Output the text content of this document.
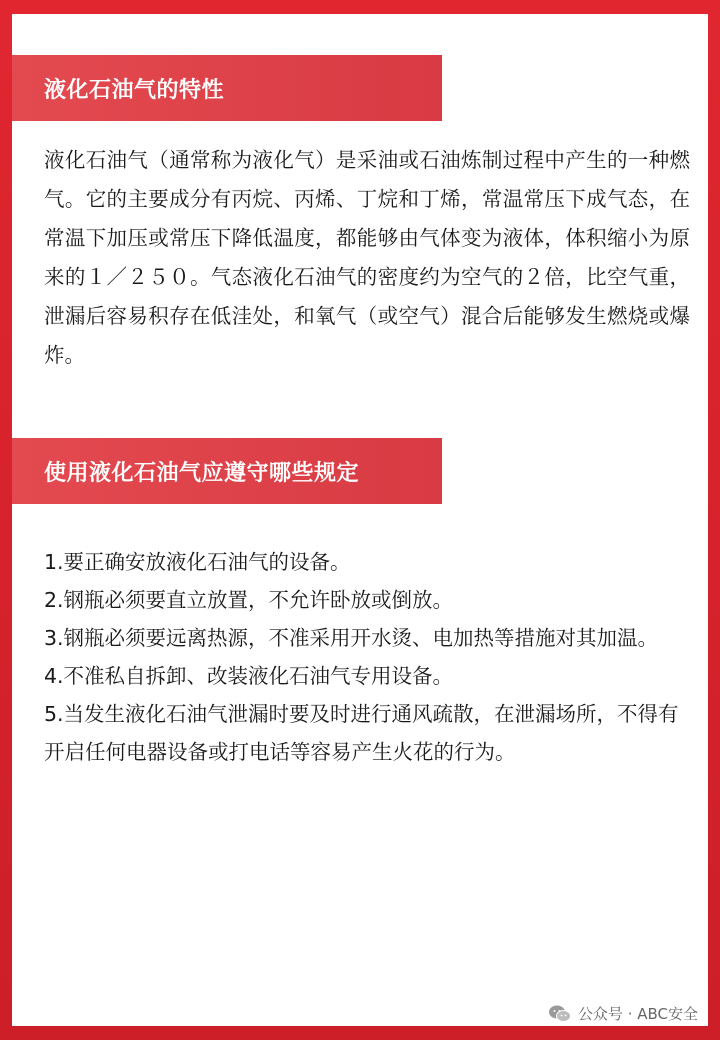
液化石油气的特性

液化石油气（通常称为液化气）是采油或石油炼制过程中产生的一种燃气。它的主要成分有丙烷、丙烯、丁烷和丁烯，常温常压下成气态，在常温下加压或常压下降低温度，都能够由气体变为液体，体积缩小为原来的１／２５０。气态液化石油气的密度约为空气的２倍，比空气重，泄漏后容易积存在低洼处，和氧气（或空气）混合后能够发生燃烧或爆炸。

使用液化石油气应遵守哪些规定
1.要正确安放液化石油气的设备。
2.钢瓶必须要直立放置，不允许卧放或倒放。
3.钢瓶必须要远离热源，不准采用开水烫、电加热等措施对其加温。
4.不准私自拆卸、改装液化石油气专用设备。
5.当发生液化石油气泄漏时要及时进行通风疏散，在泄漏场所，不得有开启任何电器设备或打电话等容易产生火花的行为。
公众号 · ABC安全
